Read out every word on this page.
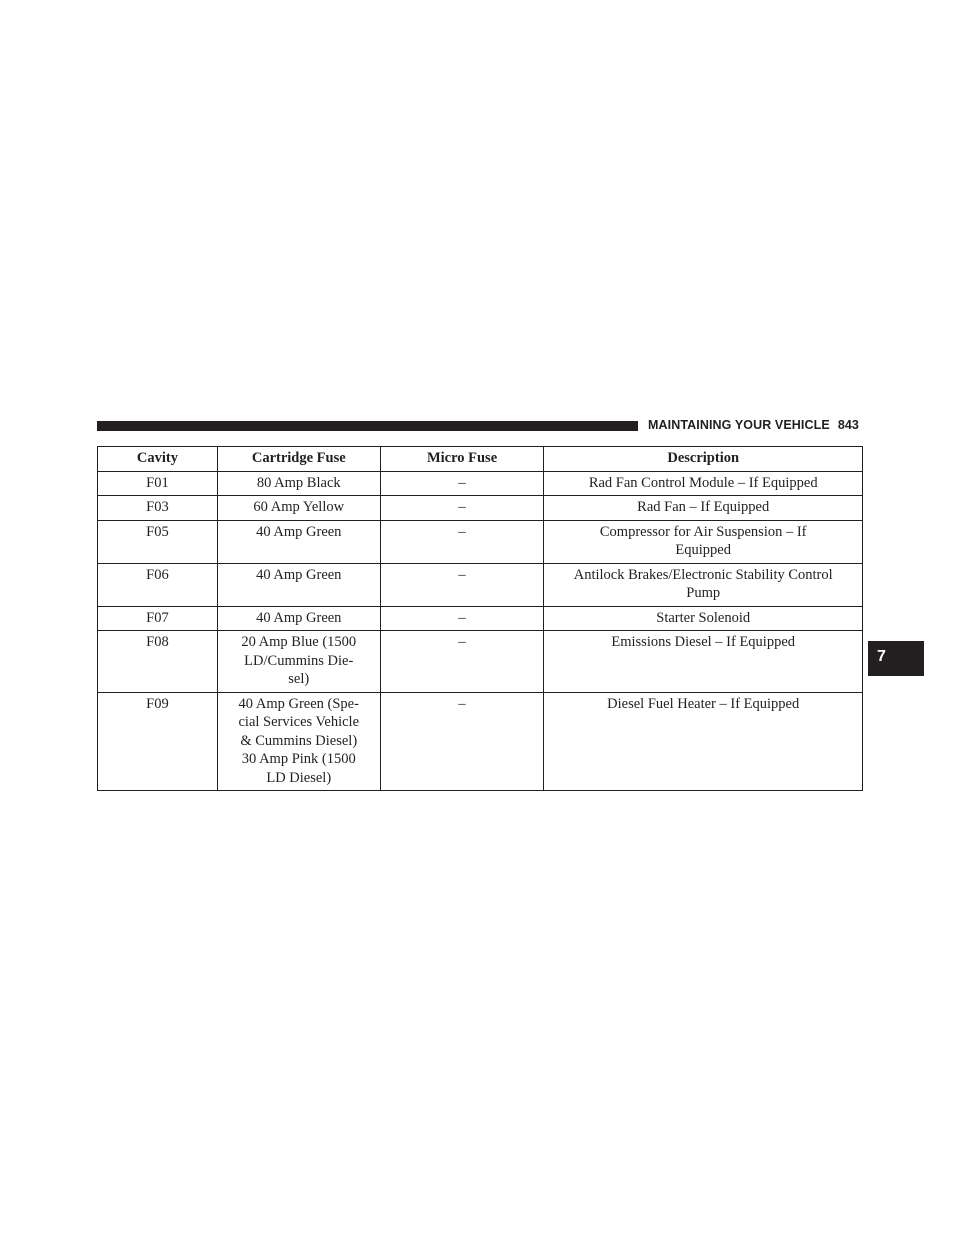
MAINTAINING YOUR VEHICLE 843
7
Cavity	Cartridge Fuse	Micro Fuse	Description
F01	80 Amp Black	–	Rad Fan Control Module – If Equipped
F03	60 Amp Yellow	–	Rad Fan – If Equipped
F05	40 Amp Green	–	Compressor for Air Suspension – If
Equipped
F06	40 Amp Green	–	Antilock Brakes/Electronic Stability Control
Pump
F07	40 Amp Green	–	Starter Solenoid
F08	20 Amp Blue (1500
LD/Cummins Die-
sel)	–	Emissions Diesel – If Equipped
F09	40 Amp Green (Spe-
cial Services Vehicle
& Cummins Diesel)
30 Amp Pink (1500
LD Diesel)	–	Diesel Fuel Heater – If Equipped
